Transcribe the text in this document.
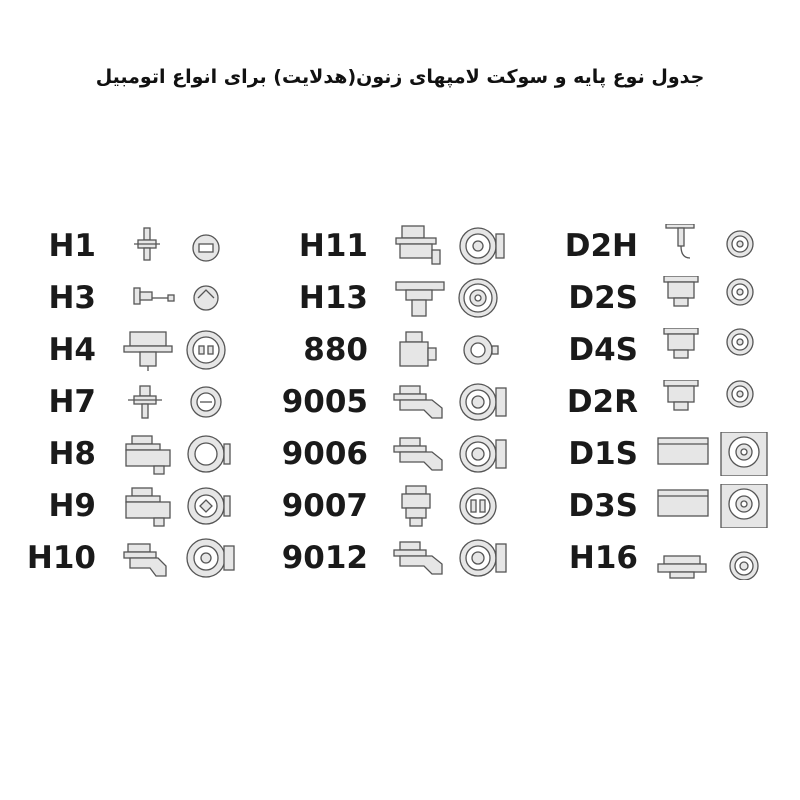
جدول نوع پایه و سوکت لامپهای زنون(هدلایت) برای انواع اتومبیل
H1
H3
H4
H7
H8
H9
H10
H11
H13
880
9005
9006
9007
9012
D2H
D2S
D4S
D2R
D1S
D3S
H16
